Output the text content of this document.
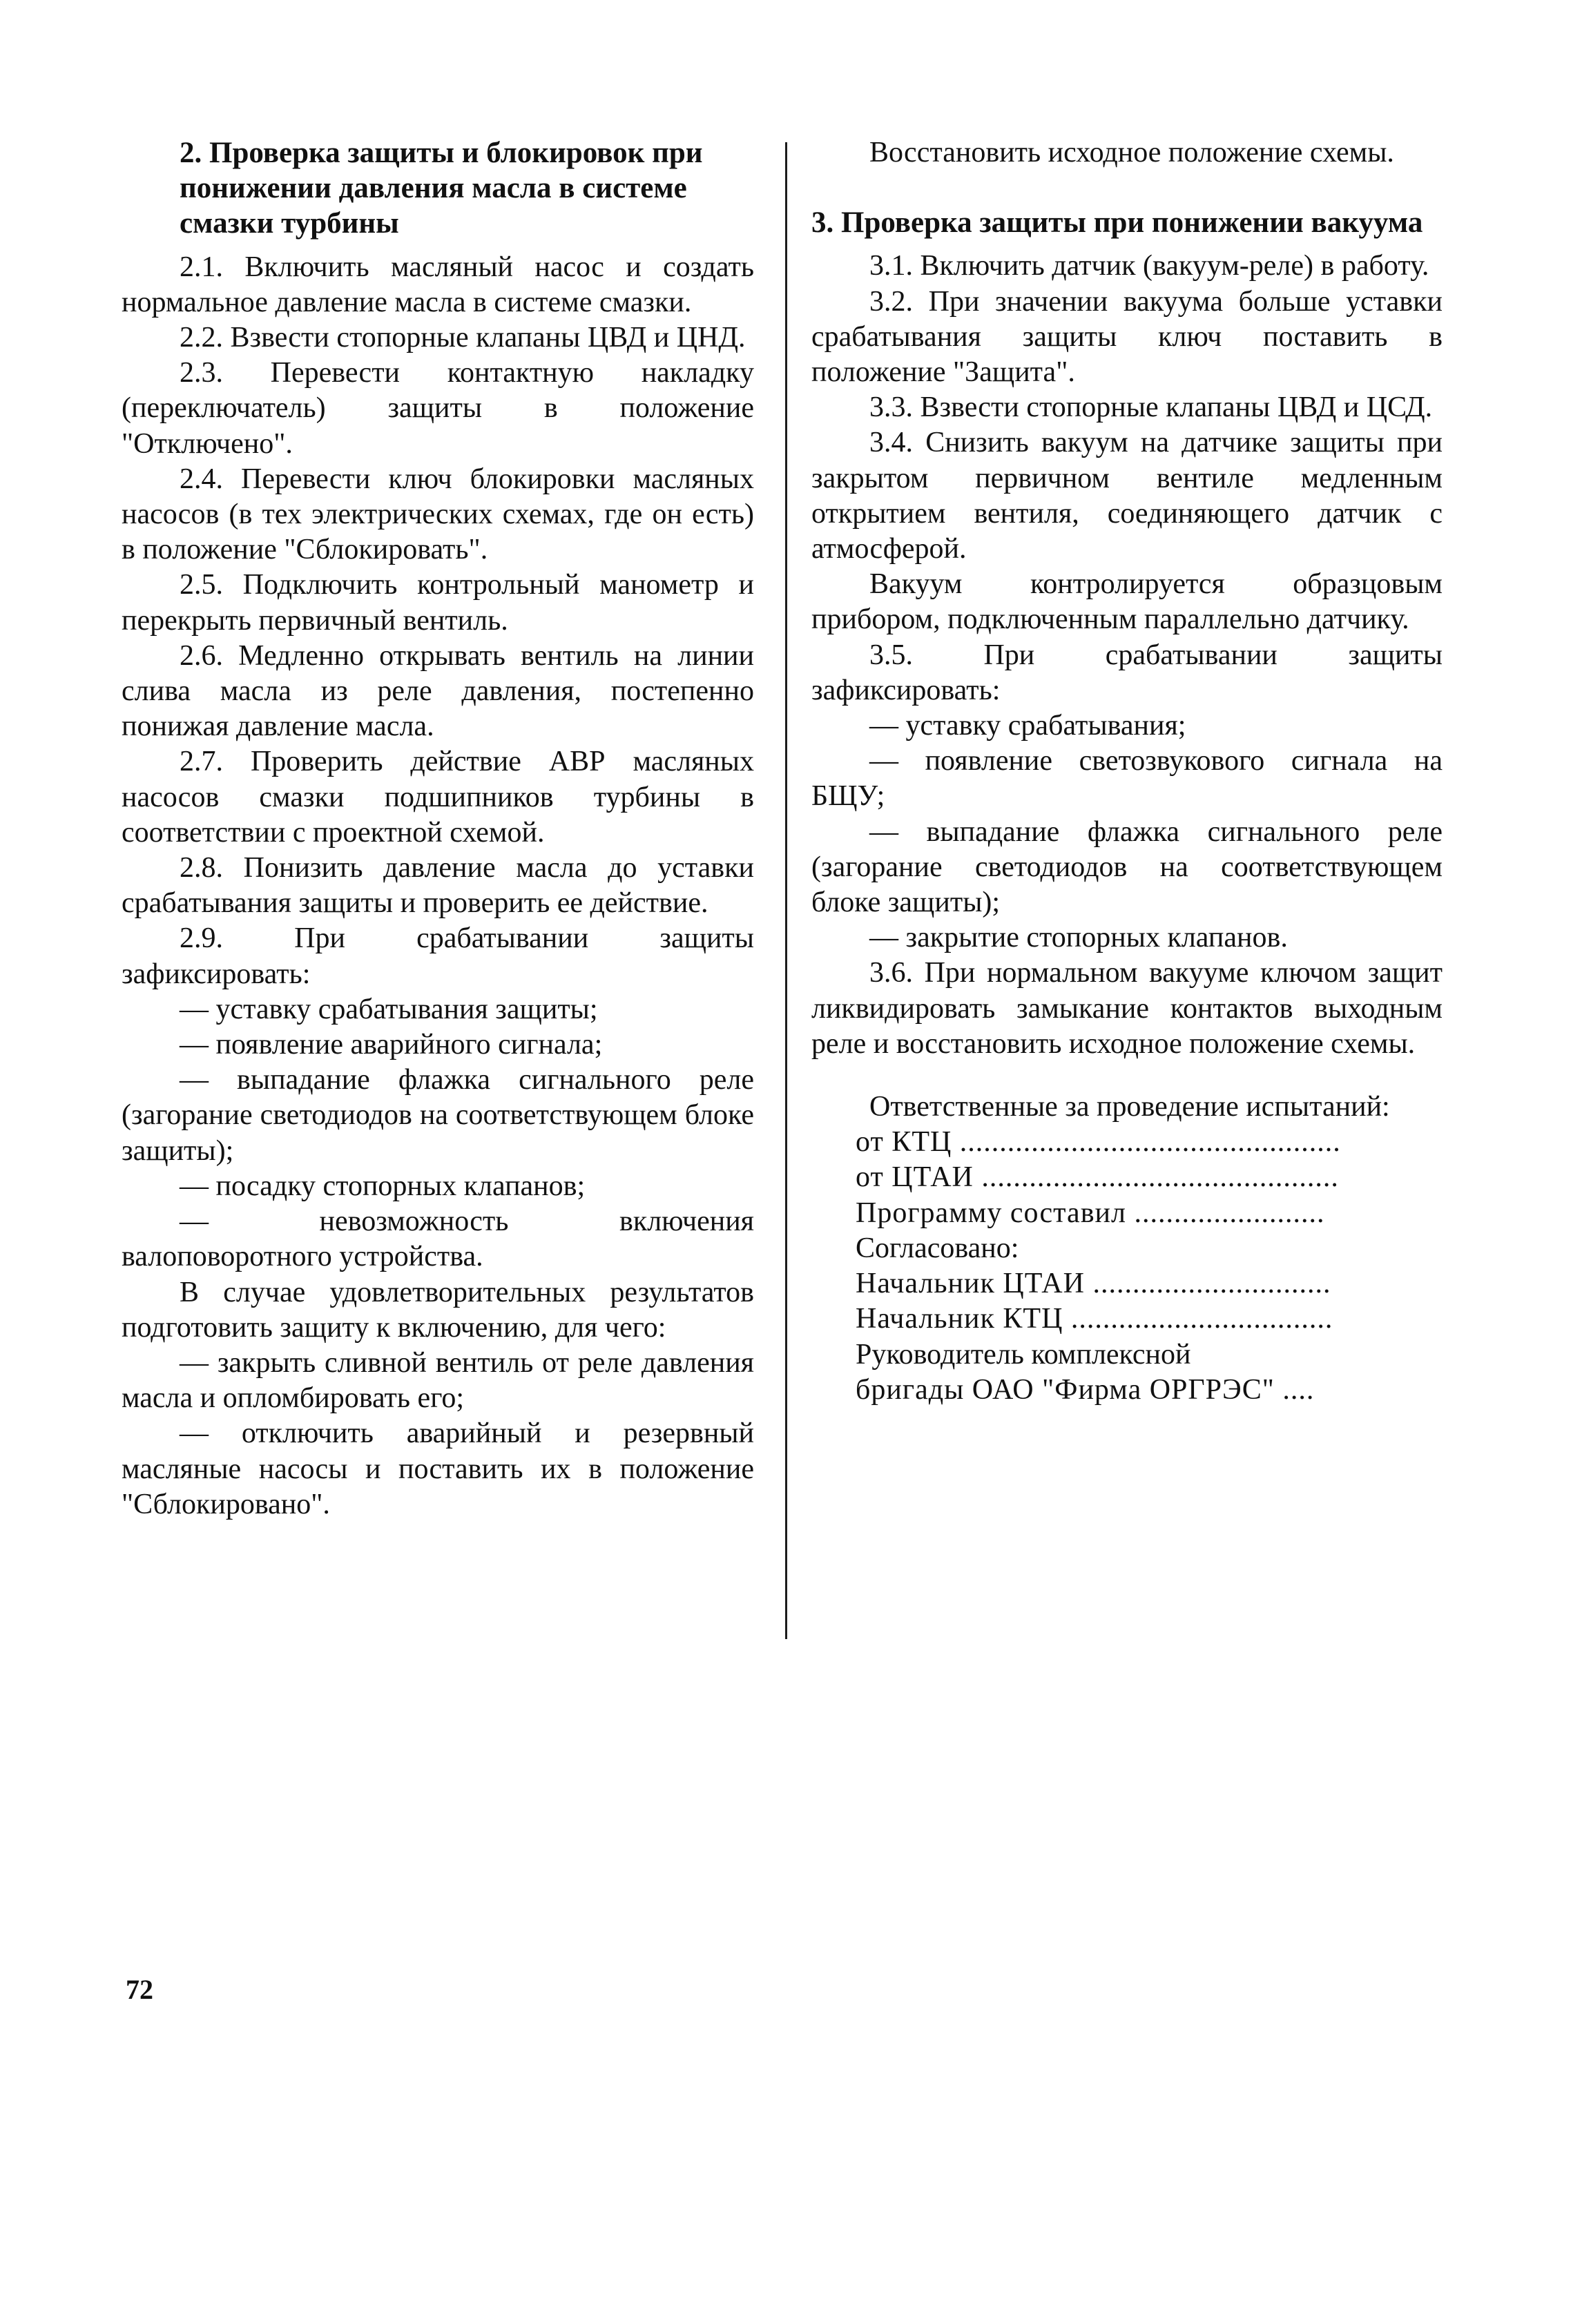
2. Проверка защиты и блокировок при понижении давления масла в системе смазки турбины

2.1. Включить масляный насос и создать нормальное давление масла в системе смазки.

2.2. Взвести стопорные клапаны ЦВД и ЦНД.

2.3. Перевести контактную накладку (переключатель) защиты в положение "Отключено".

2.4. Перевести ключ блокировки масляных насосов (в тех электрических схемах, где он есть) в положение "Сблокировать".

2.5. Подключить контрольный манометр и перекрыть первичный вентиль.

2.6. Медленно открывать вентиль на линии слива масла из реле давления, постепенно понижая давление масла.

2.7. Проверить действие АВР масляных насосов смазки подшипников турбины в соответствии с проектной схемой.

2.8. Понизить давление масла до уставки срабатывания защиты и проверить ее действие.

2.9. При срабатывании защиты зафиксировать:

— уставку срабатывания защиты;

— появление аварийного сигнала;

— выпадание флажка сигнального реле (загорание светодиодов на соответствующем блоке защиты);

— посадку стопорных клапанов;

— невозможность включения валоповоротного устройства.

В случае удовлетворительных результатов подготовить защиту к включению, для чего:

— закрыть сливной вентиль от реле давления масла и опломбировать его;

— отключить аварийный и резервный масляные насосы и поставить их в положение "Сблокировано".

Восстановить исходное положение схемы.

3. Проверка защиты при понижении вакуума

3.1. Включить датчик (вакуум-реле) в работу.

3.2. При значении вакуума больше уставки срабатывания защиты ключ поставить в положение "Защита".

3.3. Взвести стопорные клапаны ЦВД и ЦСД.

3.4. Снизить вакуум на датчике защиты при закрытом первичном вентиле медленным открытием вентиля, соединяющего датчик с атмосферой.

Вакуум контролируется образцовым прибором, подключенным параллельно датчику.

3.5. При срабатывании защиты зафиксировать:

— уставку срабатывания;

— появление светозвукового сигнала на БЩУ;

— выпадание флажка сигнального реле (загорание светодиодов на соответствующем блоке защиты);

— закрытие стопорных клапанов.

3.6. При нормальном вакууме ключом защит ликвидировать замыкание контактов выходным реле и восстановить исходное положение схемы.

Ответственные за проведение испытаний:

от КТЦ ................................................
от ЦТАИ .............................................
Программу составил ........................
Согласовано:
Начальник ЦТАИ ..............................
Начальник КТЦ .................................
Руководитель комплексной
бригады ОАО "Фирма ОРГРЭС" ....
72
